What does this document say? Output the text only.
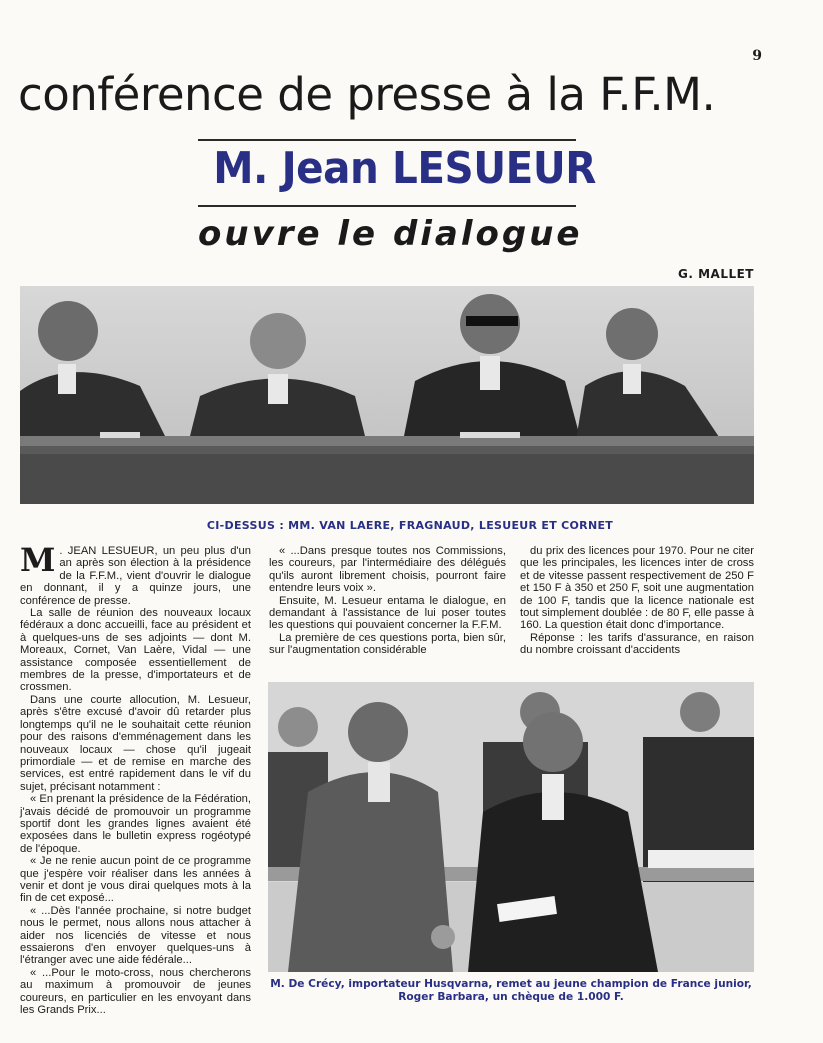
9
conférence de presse à la F.F.M.
M. Jean LESUEUR
ouvre le dialogue
G. MALLET
CI-DESSUS : MM. VAN LAERE, FRAGNAUD, LESUEUR ET CORNET

M . JEAN LESUEUR, un peu plus d'un an après son élection à la présidence de la F.F.M., vient d'ouvrir le dialogue en donnant, il y a quinze jours, une conférence de presse.

La salle de réunion des nouveaux locaux fédéraux a donc accueilli, face au président et à quelques-uns de ses adjoints — dont M. Moreaux, Cornet, Van Laère, Vidal — une assistance composée essentiellement de membres de la presse, d'importateurs et de crossmen.

Dans une courte allocution, M. Lesueur, après s'être excusé d'avoir dû retarder plus longtemps qu'il ne le souhaitait cette réunion pour des raisons d'emménagement dans les nouveaux locaux — chose qu'il jugeait primordiale — et de remise en marche des services, est entré rapidement dans le vif du sujet, précisant notamment :

« En prenant la présidence de la Fédération, j'avais décidé de promouvoir un programme sportif dont les grandes lignes avaient été exposées dans le bulletin express rogéotypé de l'époque.

« Je ne renie aucun point de ce programme que j'espère voir réaliser dans les années à venir et dont je vous dirai quelques mots à la fin de cet exposé...

« ...Dès l'année prochaine, si notre budget nous le permet, nous allons nous attacher à aider nos licenciés de vitesse et nous essaierons d'en envoyer quelques-uns à l'étranger avec une aide fédérale...

« ...Pour le moto-cross, nous chercherons au maximum à promouvoir de jeunes coureurs, en particulier en les envoyant dans les Grands Prix...

« ...Dans presque toutes nos Commissions, les coureurs, par l'intermédiaire des délégués qu'ils auront librement choisis, pourront faire entendre leurs voix ».

Ensuite, M. Lesueur entama le dialogue, en demandant à l'assistance de lui poser toutes les questions qui pouvaient concerner la F.F.M.

La première de ces questions porta, bien sûr, sur l'augmentation considérable

du prix des licences pour 1970. Pour ne citer que les principales, les licences inter de cross et de vitesse passent respectivement de 250 F et 150 F à 350 et 250 F, soit une augmentation de 100 F, tandis que la licence nationale est tout simplement doublée : de 80 F, elle passe à 160. La question était donc d'importance.

Réponse : les tarifs d'assurance, en raison du nombre croissant d'accidents

M. De Crécy, importateur Husqvarna, remet au jeune champion de France junior, Roger Barbara, un chèque de 1.000 F.
